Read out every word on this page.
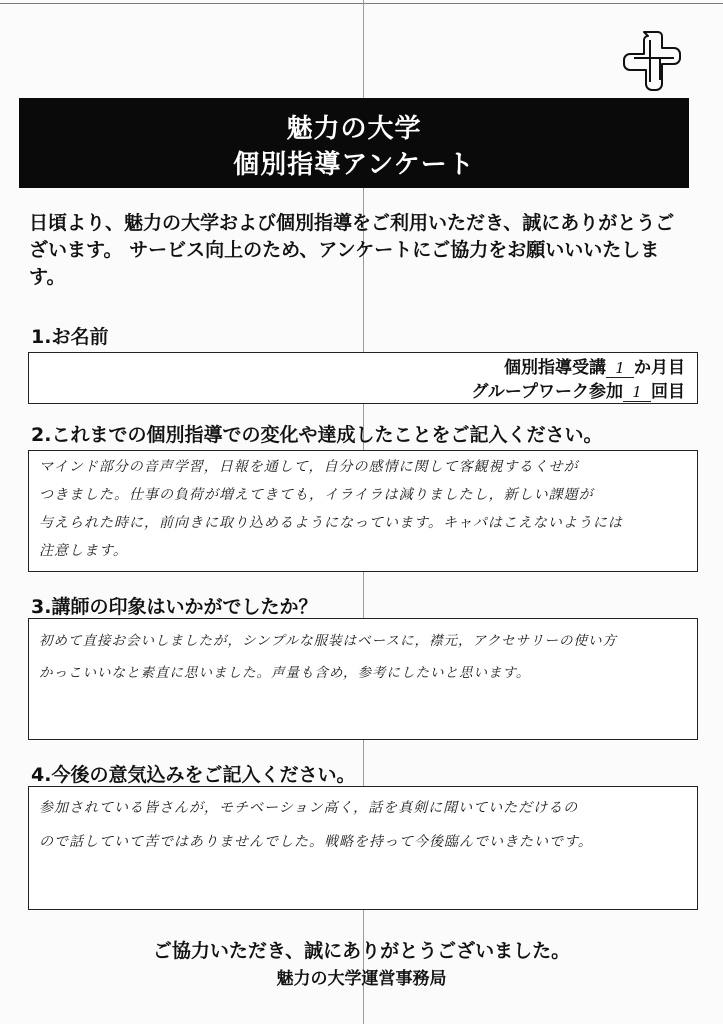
魅力の大学
個別指導アンケート
日頃より、魅力の大学および個別指導をご利用いただき、誠にありがとうございます。 サービス向上のため、アンケートにご協力をお願いいいたします。
1.お名前
個別指導受講 1 か月目
グループワーク参加 1 回目
2.これまでの個別指導での変化や達成したことをご記入ください。
マインド部分の音声学習，日報を通して，自分の感情に関して客観視するくせが
つきました。仕事の負荷が増えてきても，イライラは減りましたし，新しい課題が
与えられた時に，前向きに取り込めるようになっています。キャパはこえないようには
注意します。
3.講師の印象はいかがでしたか？
初めて直接お会いしましたが，シンプルな服装はベースに，襟元，アクセサリーの使い方
かっこいいなと素直に思いました。声量も含め，参考にしたいと思います。
4.今後の意気込みをご記入ください。
参加されている皆さんが，モチベーション高く，話を真剣に聞いていただけるの
ので話していて苦ではありませんでした。戦略を持って今後臨んでいきたいです。
ご協力いただき、誠にありがとうございました。
魅力の大学運営事務局
